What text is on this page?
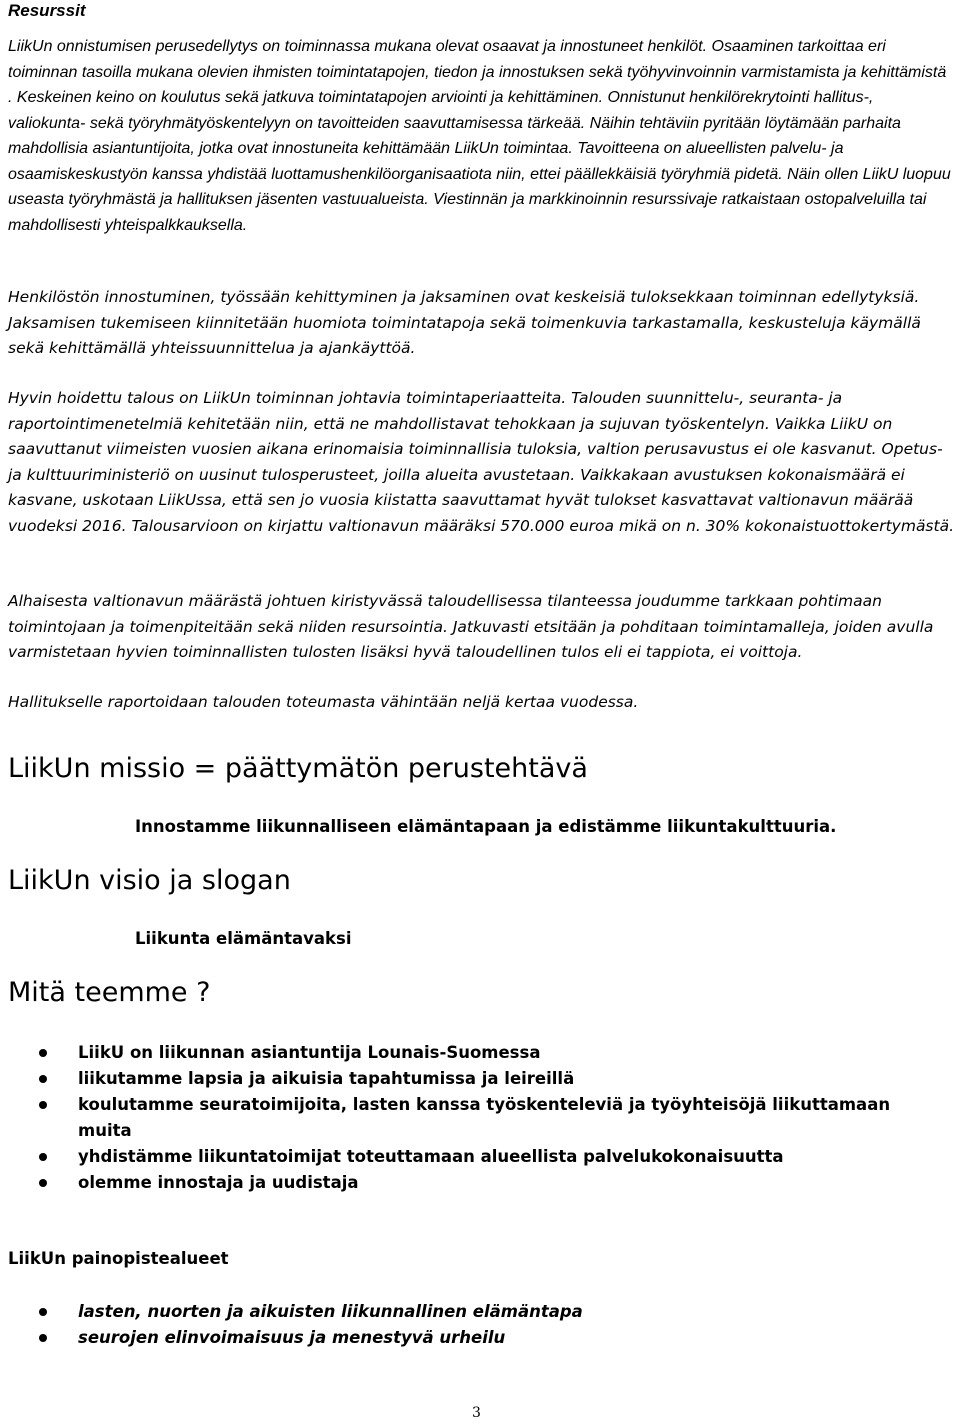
Resurssit

LiikUn onnistumisen perusedellytys on toiminnassa mukana olevat osaavat ja innostuneet henkilöt. Osaaminen tarkoittaa eri toiminnan tasoilla mukana olevien ihmisten toimintatapojen, tiedon ja innostuksen sekä työhyvinvoinnin varmistamista ja kehittämistä . Keskeinen keino on koulutus sekä jatkuva toimintatapojen arviointi ja kehittäminen. Onnistunut henkilörekrytointi hallitus-, valiokunta- sekä työryhmätyöskentelyyn on tavoitteiden saavuttamisessa tärkeää. Näihin tehtäviin pyritään löytämään parhaita mahdollisia asiantuntijoita, jotka ovat innostuneita kehittämään LiikUn toimintaa. Tavoitteena on alueellisten palvelu- ja osaamiskeskustyön kanssa yhdistää luottamushenkilöorganisaatiota niin, ettei päällekkäisiä työryhmiä pidetä. Näin ollen LiikU luopuu useasta työryhmästä ja hallituksen jäsenten vastuualueista. Viestinnän ja markkinoinnin resurssivaje ratkaistaan ostopalveluilla tai mahdollisesti yhteispalkkauksella.

Henkilöstön innostuminen, työssään kehittyminen ja jaksaminen ovat keskeisiä tuloksekkaan toiminnan edellytyksiä. Jaksamisen tukemiseen kiinnitetään huomiota toimintatapoja sekä toimenkuvia tarkastamalla, keskusteluja käymällä sekä kehittämällä yhteissuunnittelua ja ajankäyttöä.

Hyvin hoidettu talous on LiikUn toiminnan johtavia toimintaperiaatteita. Talouden suunnittelu-, seuranta- ja raportointimenetelmiä kehitetään niin, että ne mahdollistavat tehokkaan ja sujuvan työskentelyn. Vaikka LiikU on saavuttanut viimeisten vuosien aikana erinomaisia toiminnallisia tuloksia, valtion perusavustus ei ole kasvanut. Opetus- ja kulttuuriministeriö on uusinut tulosperusteet, joilla alueita avustetaan. Vaikkakaan avustuksen kokonaismäärä ei kasvane, uskotaan LiikUssa, että sen jo vuosia kiistatta saavuttamat hyvät tulokset kasvattavat valtionavun määrää vuodeksi 2016. Talousarvioon on kirjattu valtionavun määräksi 570.000 euroa mikä on n. 30% kokonaistuottokertymästä.

Alhaisesta valtionavun määrästä johtuen kiristyvässä taloudellisessa tilanteessa joudumme tarkkaan pohtimaan toimintojaan ja toimenpiteitään sekä niiden resursointia. Jatkuvasti etsitään ja pohditaan toimintamalleja, joiden avulla varmistetaan hyvien toiminnallisten tulosten lisäksi hyvä taloudellinen tulos eli ei tappiota, ei voittoja.

Hallitukselle raportoidaan talouden toteumasta vähintään neljä kertaa vuodessa.

LiikUn missio = päättymätön perustehtävä
Innostamme liikunnalliseen elämäntapaan ja edistämme liikuntakulttuuria.
LiikUn visio ja slogan
Liikunta elämäntavaksi
Mitä teemme ?
LiikU on liikunnan asiantuntija Lounais-Suomessa
liikutamme lapsia ja aikuisia tapahtumissa ja leireillä
koulutamme seuratoimijoita, lasten kanssa työskenteleviä ja työyhteisöjä liikuttamaan muita
yhdistämme liikuntatoimijat toteuttamaan alueellista palvelukokonaisuutta
olemme innostaja ja uudistaja
LiikUn painopistealueet
lasten, nuorten ja aikuisten liikunnallinen elämäntapa
seurojen elinvoimaisuus ja menestyvä urheilu
3
